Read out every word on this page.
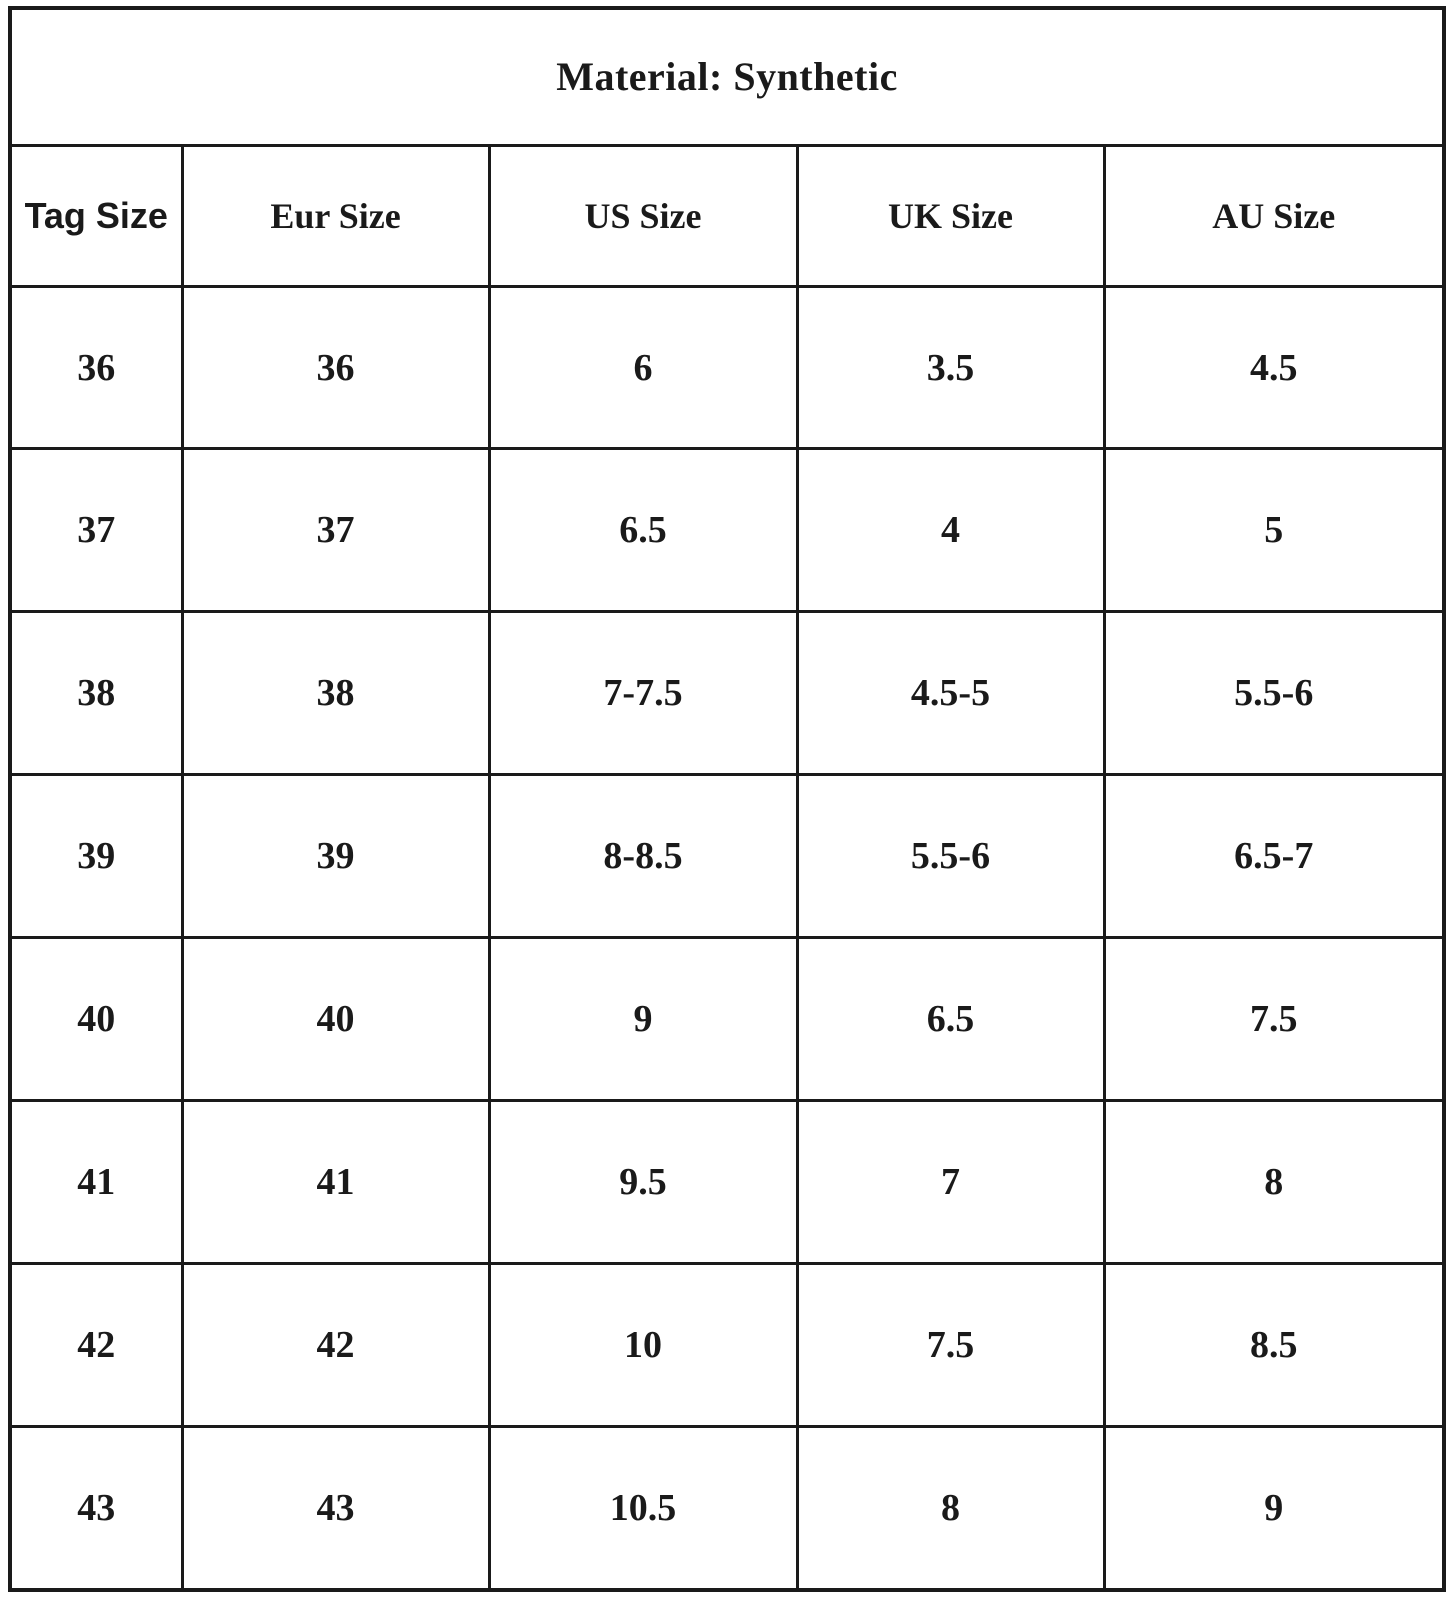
Material: Synthetic				
Tag Size	Eur Size	US Size	UK Size	AU Size
36	36	6	3.5	4.5
37	37	6.5	4	5
38	38	7-7.5	4.5-5	5.5-6
39	39	8-8.5	5.5-6	6.5-7
40	40	9	6.5	7.5
41	41	9.5	7	8
42	42	10	7.5	8.5
43	43	10.5	8	9
